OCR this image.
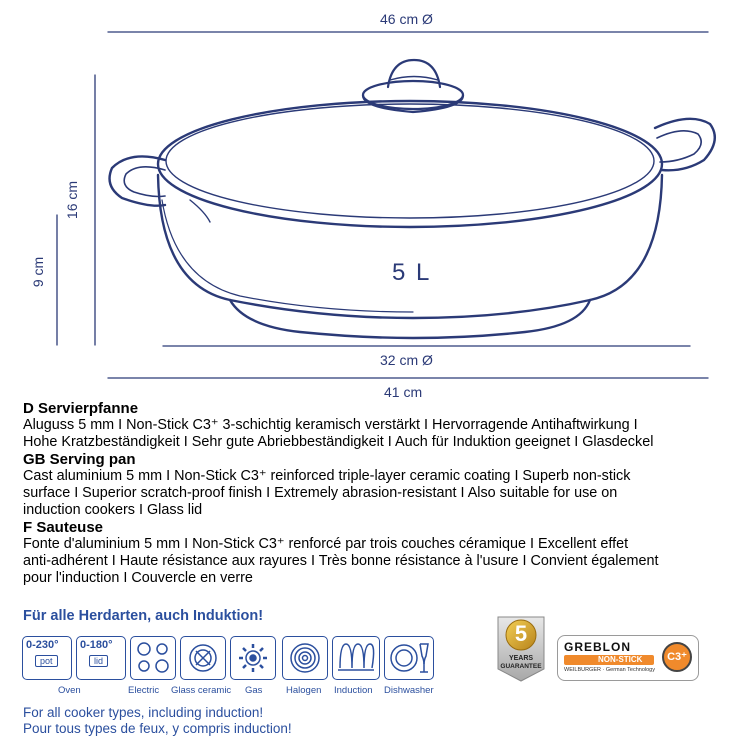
46 cm Ø
16 cm
9 cm	5 L
32 cm Ø
41 cm
D Servierpfanne
Aluguss 5 mm I Non-Stick C3⁺ 3-schichtig keramisch verstärkt I Hervorragende Antihaftwirkung I
Hohe Kratzbeständigkeit I Sehr gute Abriebbeständigkeit I Auch für Induktion geeignet I Glasdeckel
GB Serving pan
Cast aluminium 5 mm I Non-Stick C3⁺ reinforced triple-layer ceramic coating I Superb non-stick
surface I Superior scratch-proof finish I Extremely abrasion-resistant I Also suitable for use on
induction cookers I Glass lid
F Sauteuse
Fonte d'aluminium 5 mm I Non-Stick C3⁺ renforcé par trois couches céramique I Excellent effet
anti-adhérent I Haute résistance aux rayures I Très bonne résistance à l'usure I Convient également
pour l'induction I Couvercle en verre
Für alle Herdarten, auch Induktion!
0-230°
pot
0-180°
lid
Oven	Electric Glass ceramic Gas Halogen Induction Dishwasher
For all cooker types, including induction!
Pour tous types de feux, y compris induction!
5
YEARS
GUARANTEE
GREBLON
NON-STICK
WEILBURGER · German Technology
C3⁺
